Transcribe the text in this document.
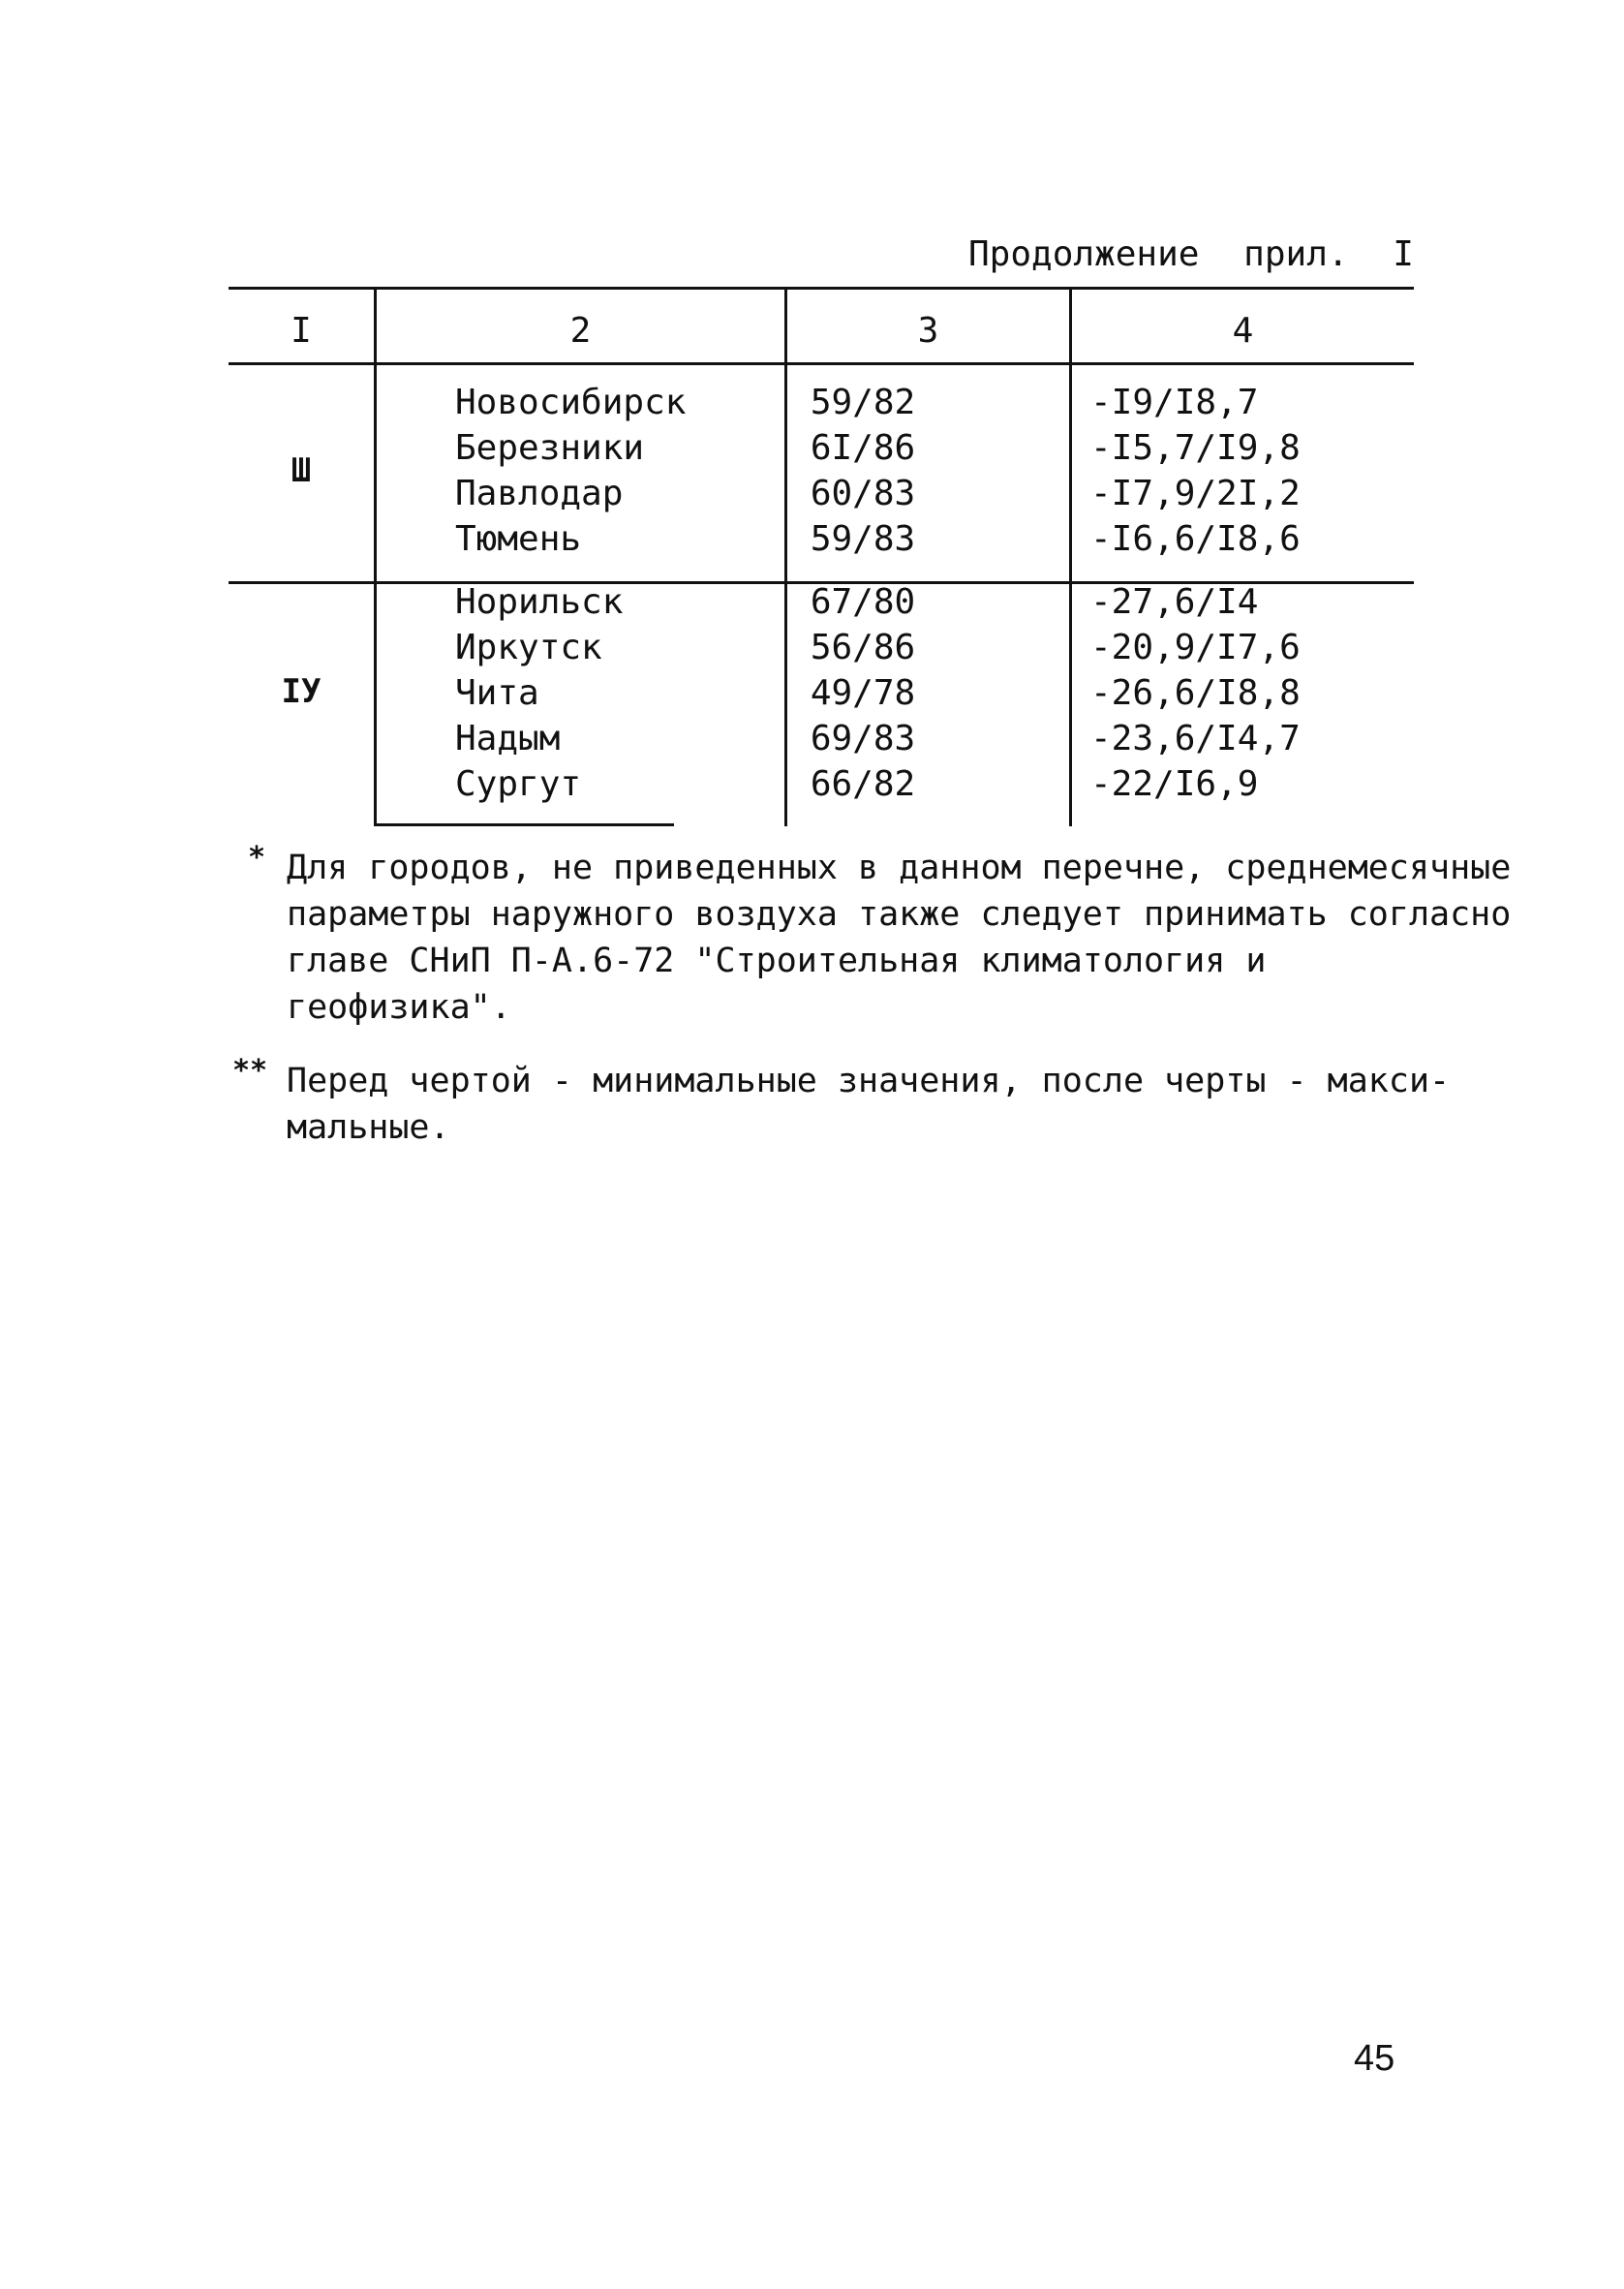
Продолжение прил. I
I	2	3	4
Ш
Новосибирск	59/82	-I9/I8,7
Березники	6I/86	-I5,7/I9,8
Павлодар	60/83	-I7,9/2I,2
Тюмень	59/83	-I6,6/I8,6
IУ
Норильск	67/80	-27,6/I4
Иркутск	56/86	-20,9/I7,6
Чита	49/78	-26,6/I8,8
Надым	69/83	-23,6/I4,7
Сургут	66/82	-22/I6,9
* Для городов, не приведенных в данном перечне, среднемесячные
параметры наружного воздуха также следует принимать согласно
главе СНиП П-А.6-72 "Строительная климатология и
геофизика".
** Перед чертой - минимальные значения, после черты - макси-
мальные.
45
